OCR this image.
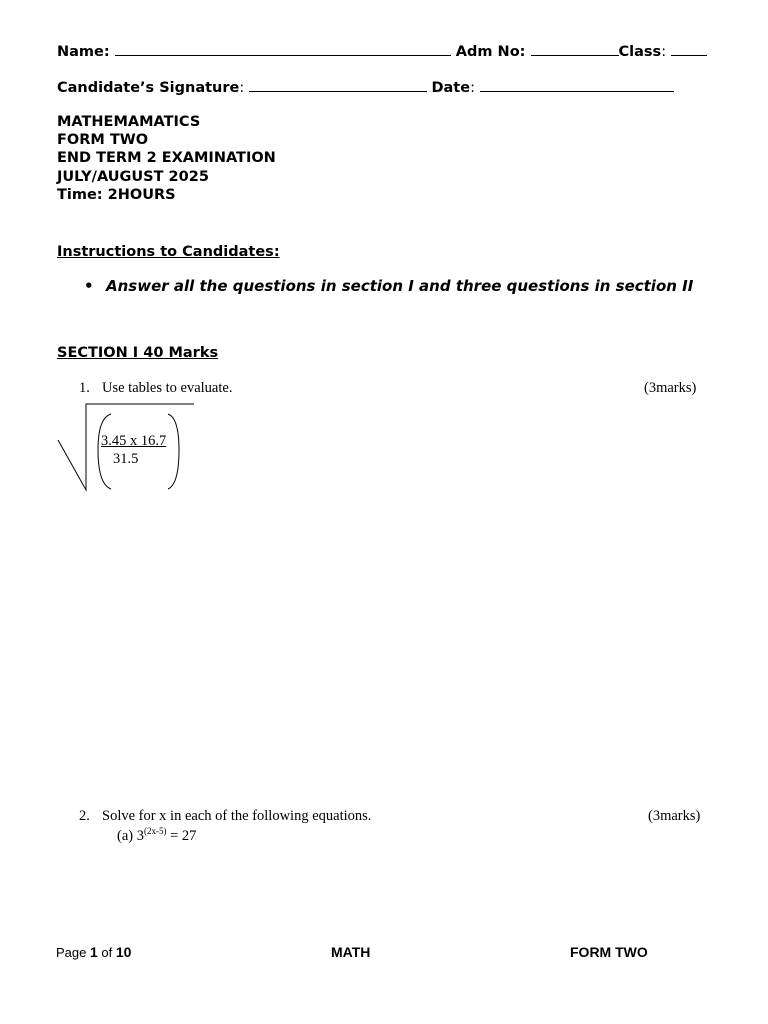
Name:	Adm No:	Class:
Candidate’s Signature:	Date:
MATHEMAMATICS
FORM TWO
END TERM 2 EXAMINATION
JULY/AUGUST 2025
Time: 2HOURS
Instructions to Candidates:
• Answer all the questions in section I and three questions in section II
SECTION I 40 Marks
1. Use tables to evaluate.	(3marks)
3.45 x 16.7
31.5
2. Solve for x in each of the following equations.	(3marks)
(a) $3^{(2x-5)} = 27$
Page 1 of 10	MATH	FORM TWO
